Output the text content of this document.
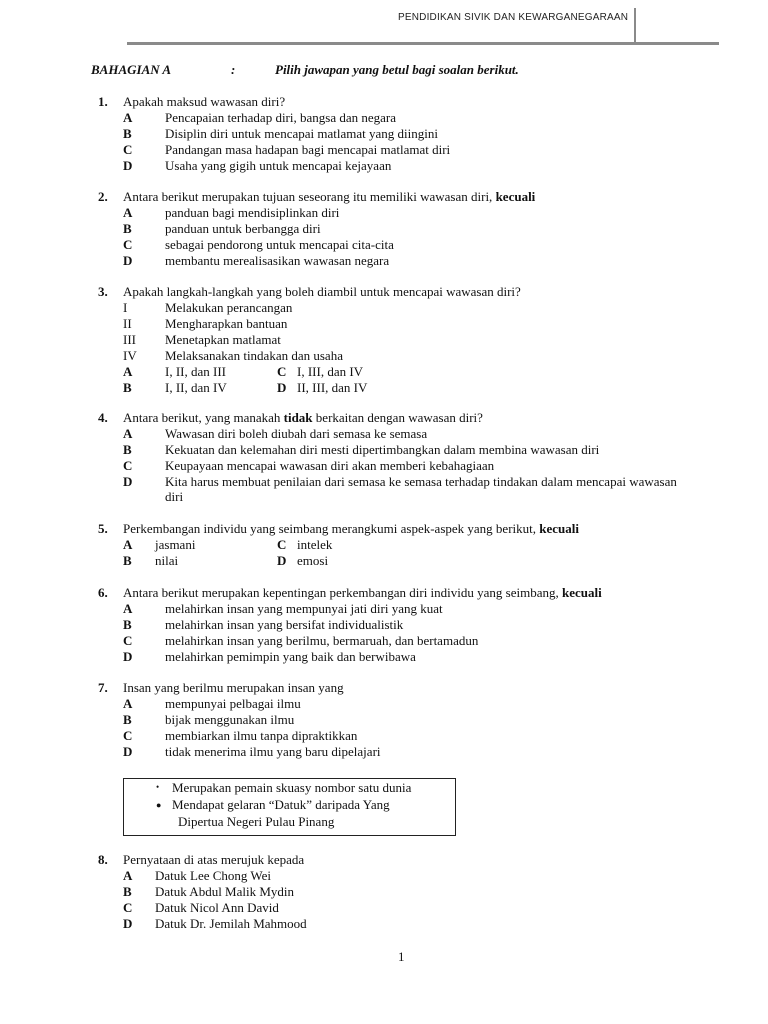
PENDIDIKAN SIVIK DAN KEWARGANEGARAAN
BAHAGIAN A	:	Pilih jawapan yang betul bagi soalan berikut.
1. Apakah maksud wawasan diri?
A	Pencapaian terhadap diri, bangsa dan negara
B	Disiplin diri untuk mencapai matlamat yang diingini
C	Pandangan masa hadapan bagi mencapai matlamat diri
D	Usaha yang gigih untuk mencapai kejayaan
2. Antara berikut merupakan tujuan seseorang itu memiliki wawasan diri, kecuali
A	panduan bagi mendisiplinkan diri
B	panduan untuk berbangga diri
C	sebagai pendorong untuk mencapai cita-cita
D	membantu merealisasikan wawasan negara
3. Apakah langkah-langkah yang boleh diambil untuk mencapai wawasan diri?
I	Melakukan perancangan
II	Mengharapkan bantuan
III Menetapkan matlamat
IV Melaksanakan tindakan dan usaha
A	I, II, dan III	C I, III, dan IV
B	I, II, dan IV	D II, III, dan IV
4. Antara berikut, yang manakah tidak berkaitan dengan wawasan diri?
A	Wawasan diri boleh diubah dari semasa ke semasa
B	Kekuatan dan kelemahan diri mesti dipertimbangkan dalam membina wawasan diri
C	Keupayaan mencapai wawasan diri akan memberi kebahagiaan
D	Kita harus membuat penilaian dari semasa ke semasa terhadap tindakan dalam mencapai wawasan diri
5. Perkembangan individu yang seimbang merangkumi aspek-aspek yang berikut, kecuali
A jasmani	C intelek
B nilai	D emosi
6. Antara berikut merupakan kepentingan perkembangan diri individu yang seimbang, kecuali
A	melahirkan insan yang mempunyai jati diri yang kuat
B	melahirkan insan yang bersifat individualistik
C	melahirkan insan yang berilmu, bermaruah, dan bertamadun
D	melahirkan pemimpin yang baik dan berwibawa
7. Insan yang berilmu merupakan insan yang
A	mempunyai pelbagai ilmu
B	bijak menggunakan ilmu
C	membiarkan ilmu tanpa dipraktikkan
D	tidak menerima ilmu yang baru dipelajari
• Merupakan pemain skuasy nombor satu dunia
● Mendapat gelaran “Datuk” daripada Yang
Dipertua Negeri Pulau Pinang
8. Pernyataan di atas merujuk kepada
A Datuk Lee Chong Wei
B Datuk Abdul Malik Mydin
C Datuk Nicol Ann David
D Datuk Dr. Jemilah Mahmood
1
